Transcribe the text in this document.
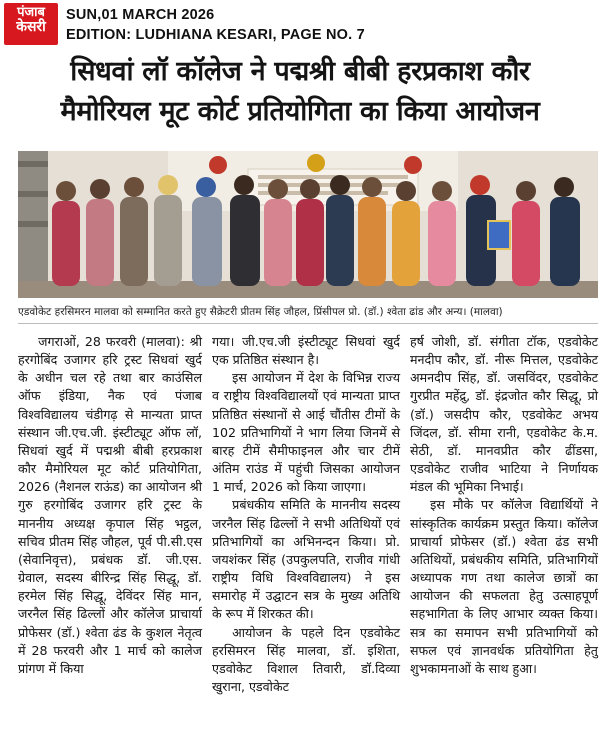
पंजाब
केसरी
SUN,01 MARCH 2026
EDITION: LUDHIANA KESARI, PAGE NO. 7
सिधवां लॉ कॉलेज ने पद्मश्री बीबी हरप्रकाश कौर
मैमोरियल मूट कोर्ट प्रतियोगिता का किया आयोजन
एडवोकेट हरसिमरन मालवा को सम्मानित करते हुए सैक्रेटरी प्रीतम सिंह जौहल, प्रिंसीपल प्रो. (डॉ.) श्वेता ढांड और अन्य। (मालवा)

जगराओं, 28 फरवरी (मालवा): श्री हरगोबिंद उजागर हरि ट्रस्ट सिधवां खुर्द के अधीन चल रहे तथा बार काउंसिल ऑफ इंडिया, नैक एवं पंजाब विश्वविद्यालय चंडीगढ़ से मान्यता प्राप्त संस्थान जी.एच.जी. इंस्टीट्यूट ऑफ लॉ, सिधवां खुर्द में पद्मश्री बीबी हरप्रकाश कौर मैमोरियल मूट कोर्ट प्रतियोगिता, 2026 (नैशनल राऊंड) का आयोजन श्री गुरु हरगोबिंद उजागर हरि ट्रस्ट के माननीय अध्यक्ष कृपाल सिंह भट्ठल, सचिव प्रीतम सिंह जौहल, पूर्व पी.सी.एस (सेवानिवृत्त), प्रबंधक डॉ. जी.एस. ग्रेवाल, सदस्य बीरिन्द्र सिंह सिद्धू, डॉ. हरमेल सिंह सिद्धू, देविंदर सिंह मान, जरनैल सिंह ढिल्लों और कॉलेज प्राचार्या प्रोफेसर (डॉ.) श्वेता ढंड के कुशल नेतृत्व में 28 फरवरी और 1 मार्च को कालेज प्रांगण में किया

गया। जी.एच.जी इंस्टीट्यूट सिधवां खुर्द एक प्रतिष्ठित संस्थान है।

इस आयोजन में देश के विभिन्न राज्य व राष्ट्रीय विश्वविद्यालयों एवं मान्यता प्राप्त प्रतिष्ठित संस्थानों से आई चौंतीस टीमों के 102 प्रतिभागियों ने भाग लिया जिनमें से बारह टीमें सैमीफाइनल और चार टीमें अंतिम राउंड में पहुंची जिसका आयोजन 1 मार्च, 2026 को किया जाएगा।

प्रबंधकीय समिति के माननीय सदस्य जरनैल सिंह ढिल्लों ने सभी अतिथियों एवं प्रतिभागियों का अभिनन्दन किया। प्रो. जयशंकर सिंह (उपकुलपति, राजीव गांधी राष्ट्रीय विधि विश्वविद्यालय) ने इस समारोह में उद्घाटन सत्र के मुख्य अतिथि के रूप में शिरकत की।

आयोजन के पहले दिन एडवोकेट हरसिमरन सिंह मालवा, डॉ. इशिता, एडवोकेट विशाल तिवारी, डॉ.दिव्या खुराना, एडवोकेट

हर्ष जोशी, डॉ. संगीता टॉक, एडवोकेट मनदीप कौर, डॉ. नीरू मित्तल, एडवोकेट अमनदीप सिंह, डॉ. जसविंदर, एडवोकेट गुरप्रीत महेंद्रु, डॉ. इंद्रजोत कौर सिद्धू, प्रो (डॉ.) जसदीप कौर, एडवोकेट अभय जिंदल, डॉ. सीमा रानी, एडवोकेट के.म. सेठी, डॉ. मानवप्रीत कौर ढींडसा, एडवोकेट राजीव भाटिया ने निर्णायक मंडल की भूमिका निभाई।

इस मौके पर कॉलेज विद्यार्थियों ने सांस्कृतिक कार्यक्रम प्रस्तुत किया। कॉलेज प्राचार्या प्रोफेसर (डॉ.) श्वेता ढंड सभी अतिथियों, प्रबंधकीय समिति, प्रतिभागियों अध्यापक गण तथा कालेज छात्रों का आयोजन की सफलता हेतु उत्साहपूर्ण सहभागिता के लिए आभार व्यक्त किया। सत्र का समापन सभी प्रतिभागियों को सफल एवं ज्ञानवर्धक प्रतियोगिता हेतु शुभकामनाओं के साथ हुआ।
